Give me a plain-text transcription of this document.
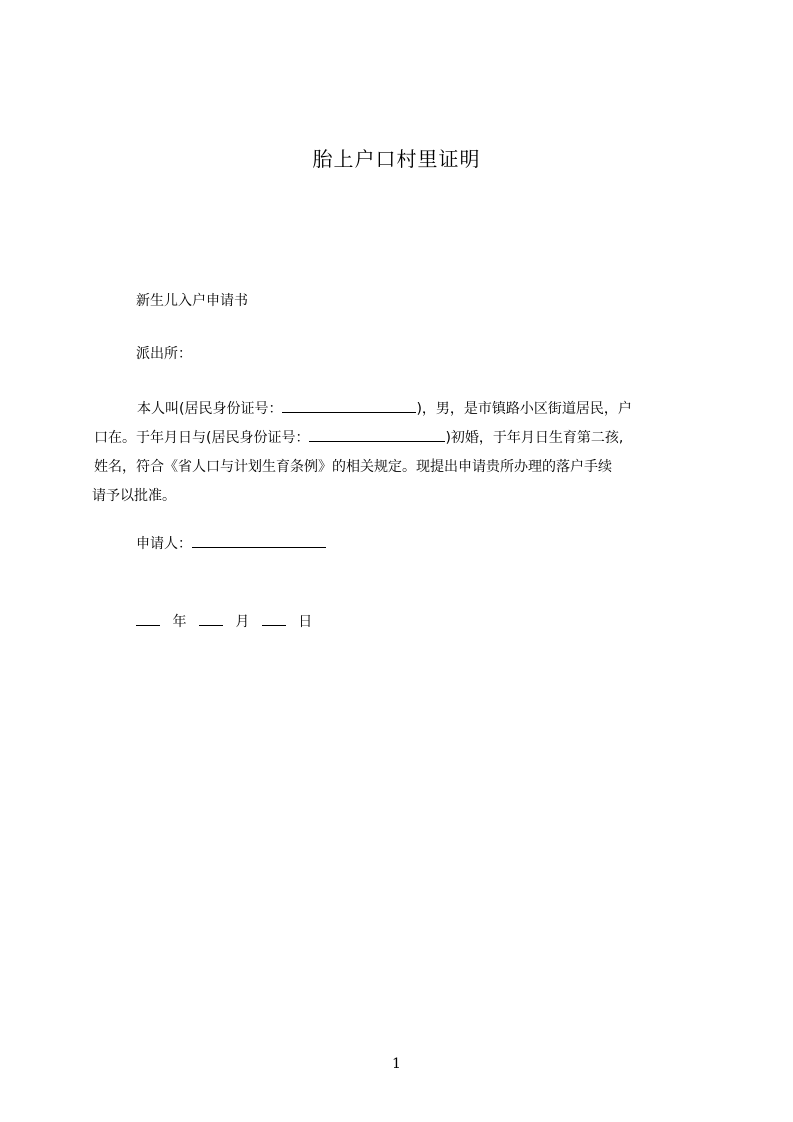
胎上户口村里证明
新生儿入户申请书
派出所：
本人叫(居民身份证号：	)，男，是市镇路小区街道居民，户
口在。于年月日与(居民身份证号：	)初婚，于年月日生育第二孩,
姓名，符合《省人口与计划生育条例》的相关规定。现提出申请贵所办理的落户手续
请予以批准。
申请人：
年	月	日
1
